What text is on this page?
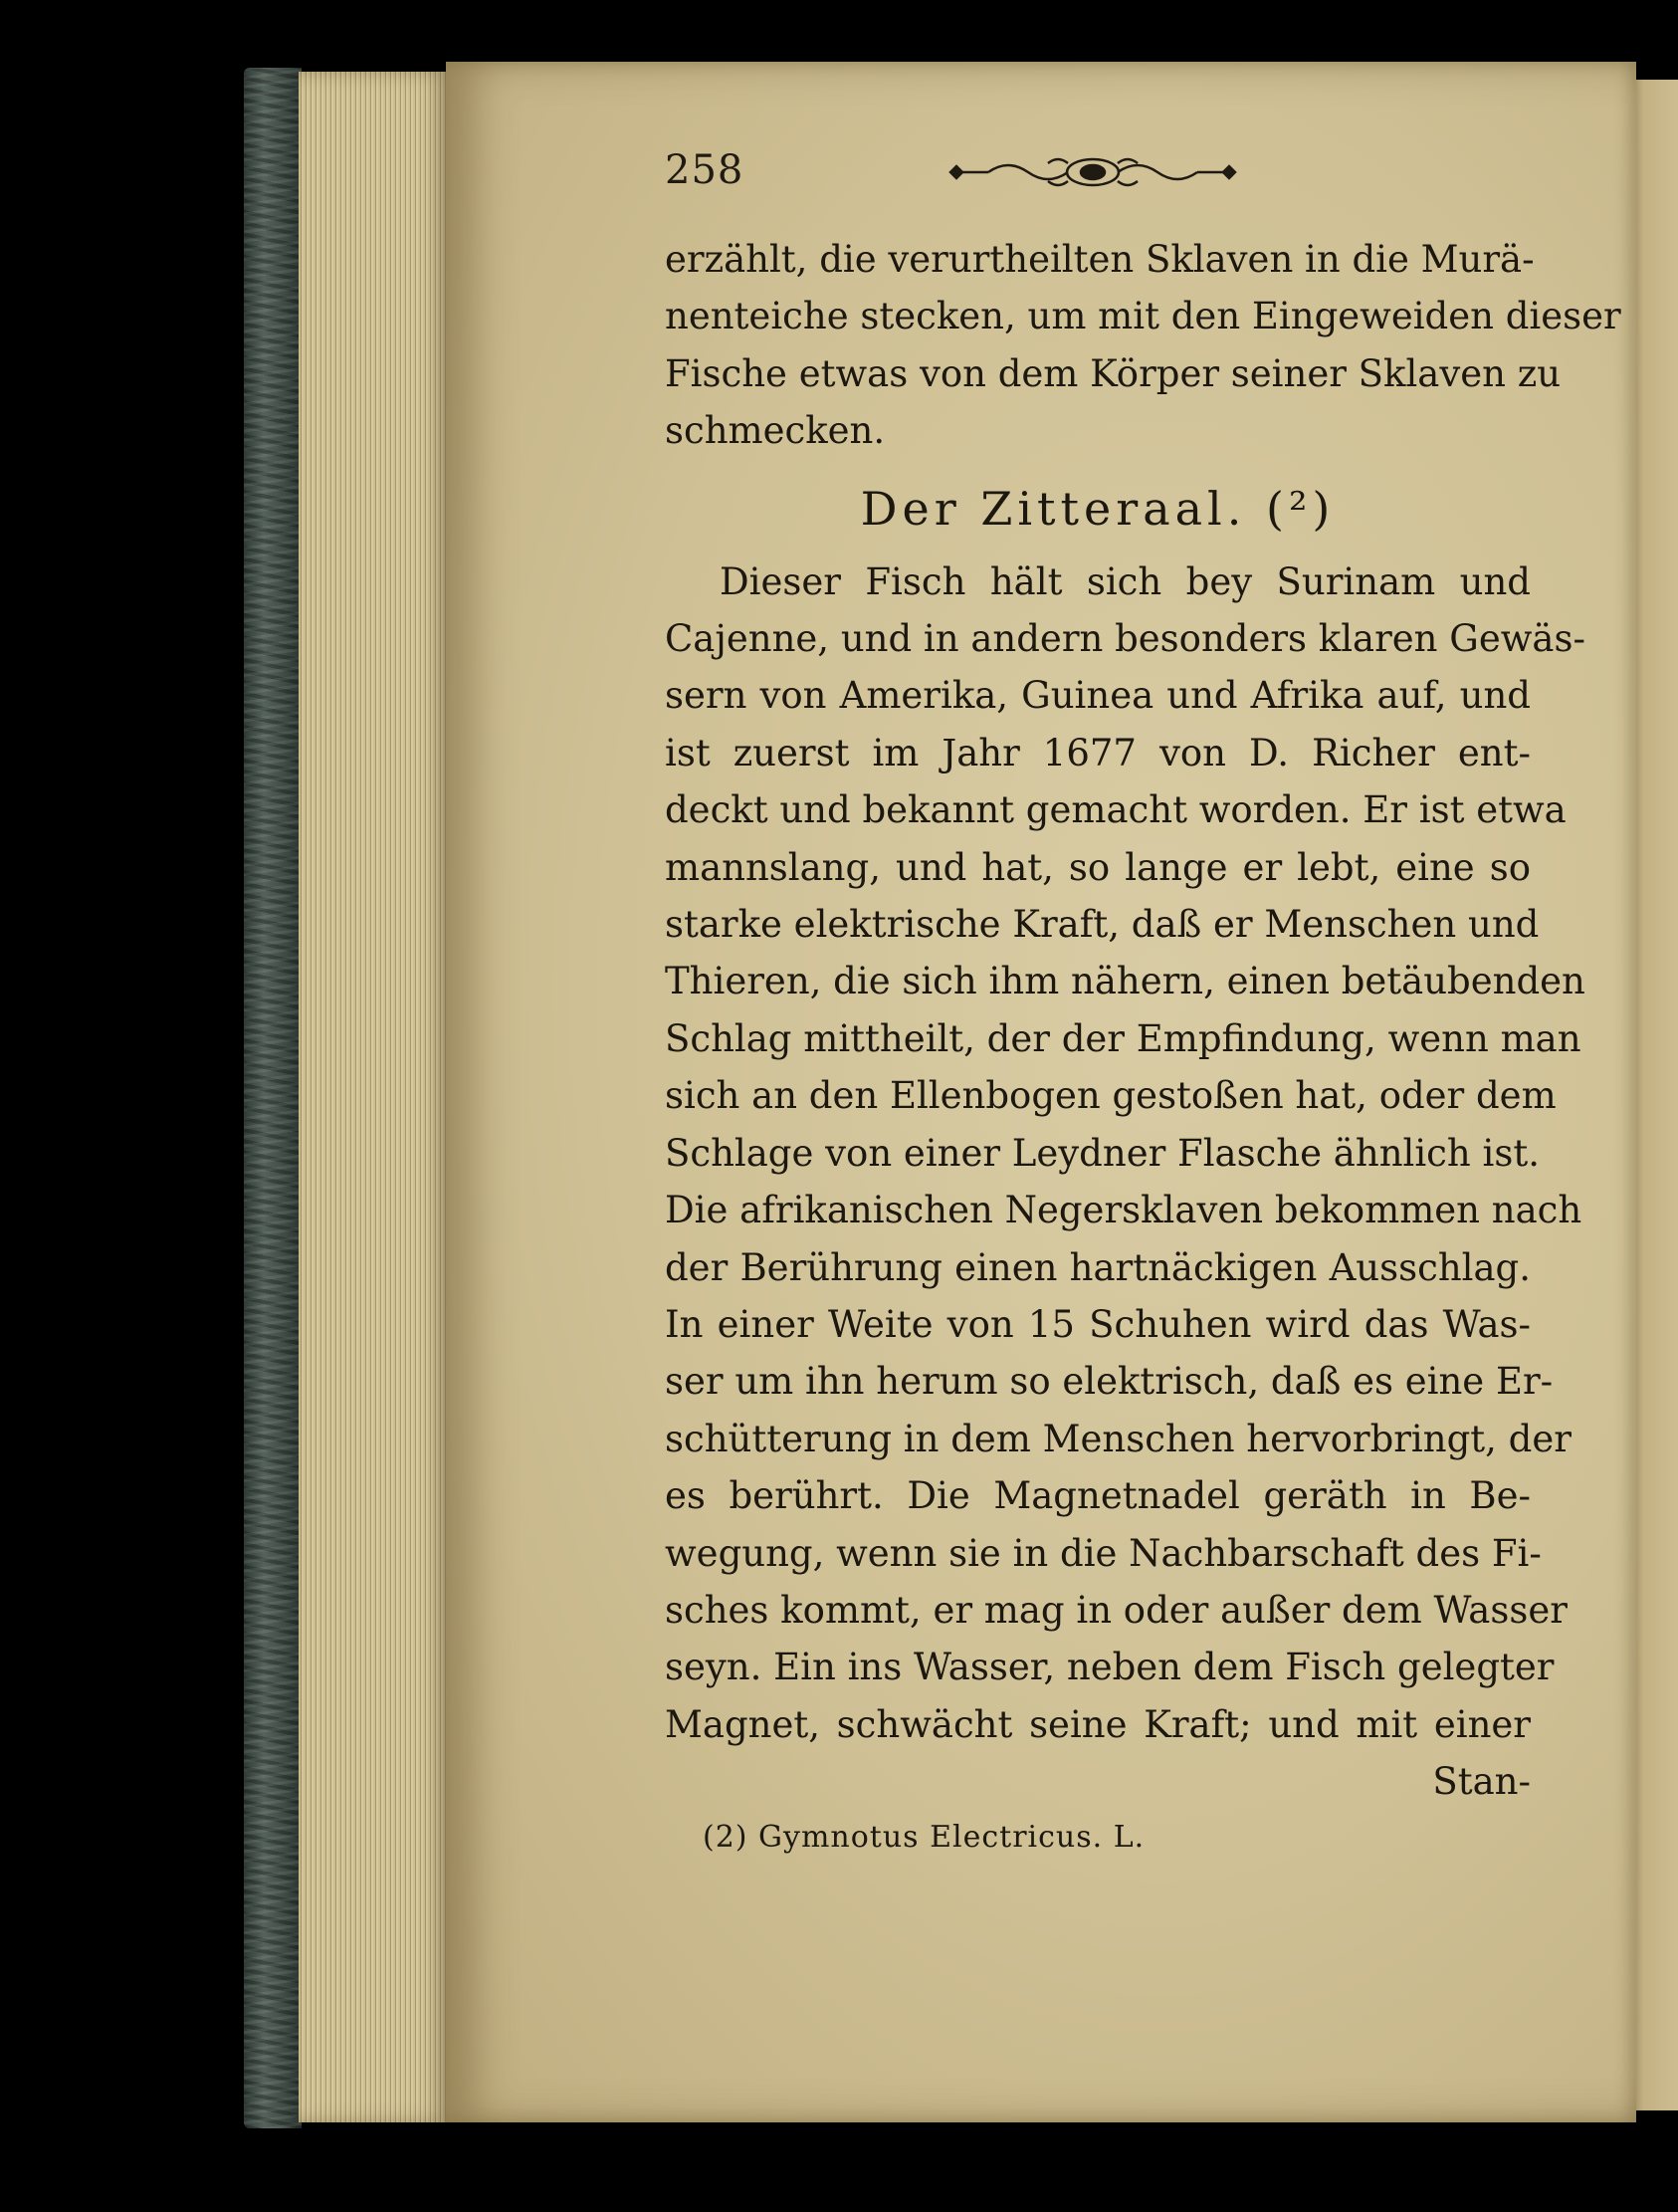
258
erzählt, die verurtheilten Sklaven in die Murä-
nenteiche stecken, um mit den Eingeweiden dieser
Fische etwas von dem Körper seiner Sklaven zu
schmecken.
Der Zitteraal. (²)
Dieser Fisch hält sich bey Surinam und
Cajenne, und in andern besonders klaren Gewäs-
sern von Amerika, Guinea und Afrika auf, und
ist zuerst im Jahr 1677 von D. Richer ent-
deckt und bekannt gemacht worden. Er ist etwa
mannslang, und hat, so lange er lebt, eine so
starke elektrische Kraft, daß er Menschen und
Thieren, die sich ihm nähern, einen betäubenden
Schlag mittheilt, der der Empfindung, wenn man
sich an den Ellenbogen gestoßen hat, oder dem
Schlage von einer Leydner Flasche ähnlich ist.
Die afrikanischen Negersklaven bekommen nach
der Berührung einen hartnäckigen Ausschlag.
In einer Weite von 15 Schuhen wird das Was-
ser um ihn herum so elektrisch, daß es eine Er-
schütterung in dem Menschen hervorbringt, der
es berührt. Die Magnetnadel geräth in Be-
wegung, wenn sie in die Nachbarschaft des Fi-
sches kommt, er mag in oder außer dem Wasser
seyn. Ein ins Wasser, neben dem Fisch gelegter
Magnet, schwächt seine Kraft; und mit einer
Stan-
(2) Gymnotus Electricus. L.
